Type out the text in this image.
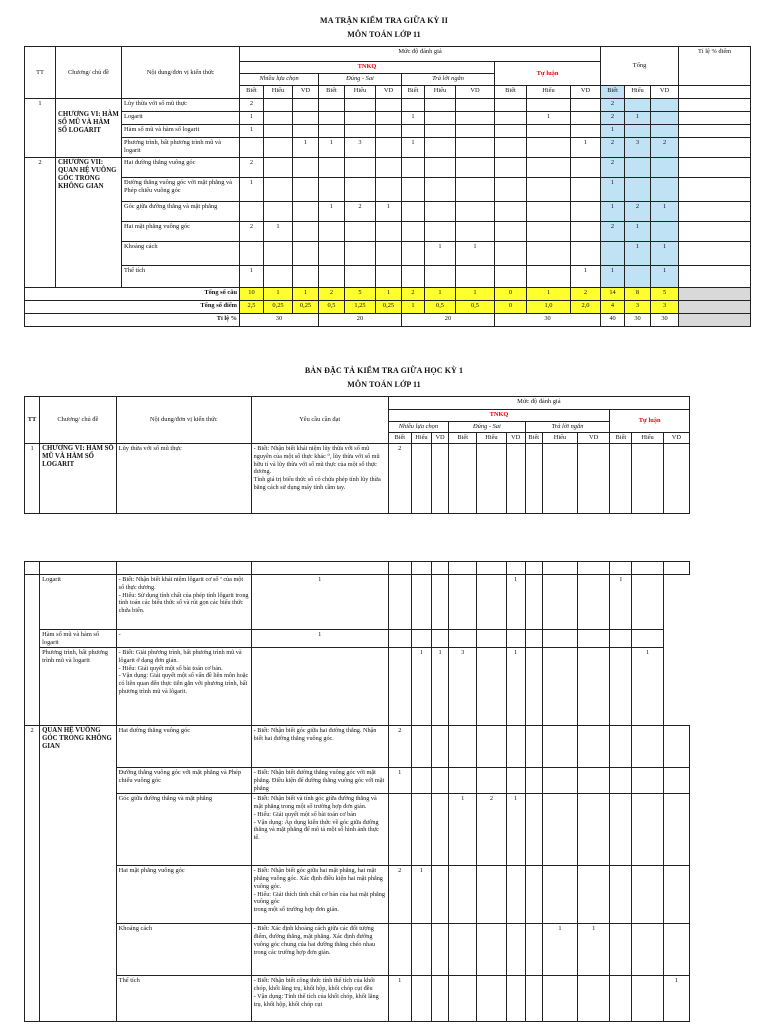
MA TRẬN KIỂM TRA GIỮA KỲ II
MÔN TOÁN LỚP 11
TT	Chương/ chủ đề	Nội dung/đơn vị kiến thức	Mức độ đánh giá												Tổng			Tỉ lệ % điểm
			TNKQ									Tự luận						
			Nhiều lựa chọn			Đúng - Sai			Trả lời ngắn									
			Biết	Hiểu	VD	Biết	Hiểu	VD	Biết	Hiểu	VD	Biết	Hiểu	VD	Biết	Hiểu	VD	
1	CHƯƠNG VI: HÀM SỐ MŨ VÀ HÀM SỐ LOGARIT	Lũy thừa với số mũ thực	2												2			
		Logarit	1						1				1		2	1		
		Hàm số mũ và hàm số logarit	1												1			
		Phương trình, bất phương trình mũ và logarit			1	1	3		1					1	2	3	2	
2	CHƯƠNG VII: QUAN HỆ VUÔNG GÓC TRONG KHÔNG GIAN	Hai đường thẳng vuông góc	2												2			
		Đường thẳng vuông góc với mặt phẳng và Phép chiếu vuông góc	1												1			
		Góc giữa đường thẳng và mặt phẳng				1	2	1							1	2	1	
		Hai mặt phẳng vuông góc	2	1											2	1		
		Khoảng cách								1	1					1	1	
		Thể tích	1											1	1		1	
Tổng số câu			10	1	1	2	5	1	2	1	1	0	1	2	14	8	5	
Tổng số điểm			2,5	0,25	0,25	0,5	1,25	0,25	1	0,5	0,5	0	1,0	2,0	4	3	3	
Tỉ lệ %			30			20			20			30			40	30	30	
BẢN ĐẶC TẢ KIỂM TRA GIỮA HỌC KỲ 1
MÔN TOÁN LỚP 11
TT	Chương/ chủ đề	Nội dung/đơn vị kiến thức	Yêu cầu cần đạt	Mức độ đánh giá											
				TNKQ									Tự luận		
				Nhiều lựa chọn			Đúng - Sai			Trả lời ngắn					
				Biết	Hiểu	VD	Biết	Hiểu	VD	Biết	Hiểu	VD	Biết	Hiểu	VD
1	CHƯƠNG VI: HÀM SỐ MŨ VÀ HÀM SỐ LOGARIT	Lũy thừa với số mũ thực	- Biết: Nhận biết khái niệm lũy thừa với số mũ nguyên của một số thực khác ⁰, lũy thừa với số mũ hữu tỉ và lũy thừa với số mũ thực của một số thực dương.
Tính giá trị biểu thức số có chứa phép tính lũy thừa bằng cách sử dụng máy tính cầm tay.	2											

	Logarit	- Biết: Nhận biết khái niệm lôgarit cơ số ª của một số thực dương.
- Hiểu: Sử dụng tính chất của phép tính lôgarit trong tính toán các biểu thức số và rút gọn các biểu thức chứa biến.	1						1				1		
	Hàm số mũ và hàm số logarit	-	1												
	Phương trình, bất phương trình mũ và logarit	- Biết: Giải phương trình, bất phương trình mũ và lôgarit ở dạng đơn giản.
- Hiểu: Giải quyết một số bài toán cơ bản.
- Vận dụng: Giải quyết một số vấn đề liên môn hoặc có liên quan đến thực tiễn gắn với phương trình, bất phương trình mũ và lôgarit.			1	1	3		1					1	
2	QUAN HỆ VUÔNG GÓC TRONG KHÔNG GIAN	Hai đường thẳng vuông góc	- Biết: Nhận biết góc giữa hai đường thẳng. Nhận biết hai đường thẳng vuông góc.	2											
		Đường thẳng vuông góc với mặt phẳng và Phép chiếu vuông góc	- Biết: Nhận biết đường thẳng vuông góc với mặt phẳng. Điều kiện để đường thẳng vuông góc với mặt phẳng	1											
		Góc giữa đường thẳng và mặt phẳng	- Biết: Nhận biết và tính góc giữa đường thẳng và mặt phẳng trong một số trường hợp đơn giản.
- Hiểu: Giải quyết một số bài toán cơ bản
- Vận dụng: Áp dụng kiến thức về góc giữa đường thẳng và mặt phẳng để mô tả một số hình ảnh thực tế.				1	2	1						
		Hai mặt phẳng vuông góc	- Biết: Nhận biết góc giữa hai mặt phẳng, hai mặt phẳng vuông góc. Xác định điều kiện hai mặt phẳng vuông góc.
- Hiểu: Giải thích tính chất cơ bản của hai mặt phẳng vuông góc
trong một số trường hợp đơn giản.	2	1										
		Khoảng cách	- Biết: Xác định khoảng cách giữa các đối tượng điểm, đường thẳng, mặt phẳng. Xác định đường vuông góc chung của hai đường thẳng chéo nhau trong các trường hợp đơn giản.								1	1			
		Thể tích	- Biết: Nhận biết công thức tính thể tích của khối chóp, khối lăng trụ, khối hộp, khối chóp cụt đều
- Vận dụng: Tính thể tích của khối chóp, khối lăng trụ, khối hộp, khối chóp cụt	1											1
